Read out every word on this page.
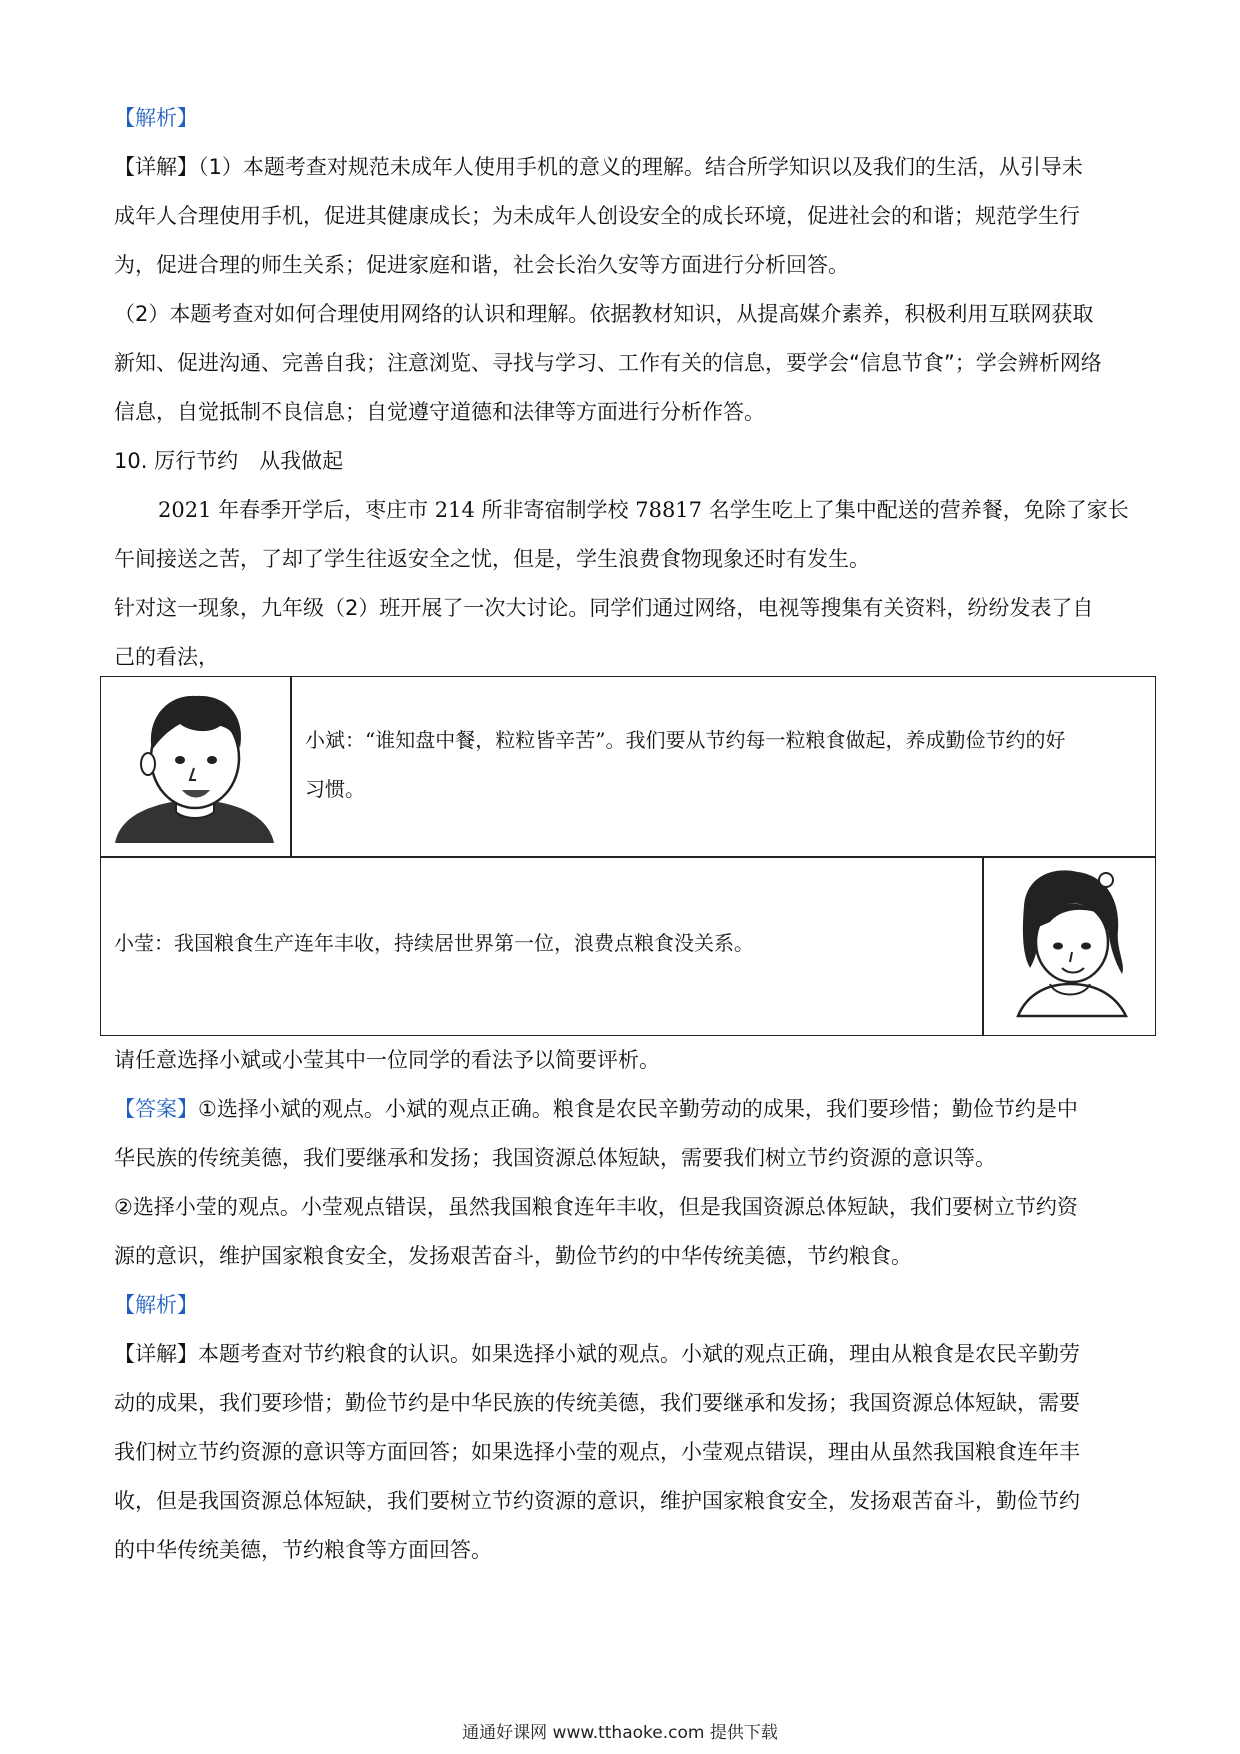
【解析】
【详解】（1）本题考查对规范未成年人使用手机的意义的理解。结合所学知识以及我们的生活，从引导未
成年人合理使用手机，促进其健康成长；为未成年人创设安全的成长环境，促进社会的和谐；规范学生行
为，促进合理的师生关系；促进家庭和谐，社会长治久安等方面进行分析回答。
（2）本题考查对如何合理使用网络的认识和理解。依据教材知识，从提高媒介素养，积极利用互联网获取
新知、促进沟通、完善自我；注意浏览、寻找与学习、工作有关的信息，要学会“信息节食”；学会辨析网络
信息，自觉抵制不良信息；自觉遵守道德和法律等方面进行分析作答。
10. 厉行节约　从我做起
2021 年春季开学后，枣庄市 214 所非寄宿制学校 78817 名学生吃上了集中配送的营养餐，免除了家长
午间接送之苦，了却了学生往返安全之忧，但是，学生浪费食物现象还时有发生。
针对这一现象，九年级（2）班开展了一次大讨论。同学们通过网络，电视等搜集有关资料，纷纷发表了自
己的看法，
小斌：“谁知盘中餐，粒粒皆辛苦”。我们要从节约每一粒粮食做起，养成勤俭节约的好
习惯。
小莹：我国粮食生产连年丰收，持续居世界第一位，浪费点粮食没关系。
请任意选择小斌或小莹其中一位同学的看法予以简要评析。
【答案】①选择小斌的观点。小斌的观点正确。粮食是农民辛勤劳动的成果，我们要珍惜；勤俭节约是中
华民族的传统美德，我们要继承和发扬；我国资源总体短缺，需要我们树立节约资源的意识等。
②选择小莹的观点。小莹观点错误，虽然我国粮食连年丰收，但是我国资源总体短缺，我们要树立节约资
源的意识，维护国家粮食安全，发扬艰苦奋斗，勤俭节约的中华传统美德，节约粮食。
【解析】
【详解】本题考查对节约粮食的认识。如果选择小斌的观点。小斌的观点正确，理由从粮食是农民辛勤劳
动的成果，我们要珍惜；勤俭节约是中华民族的传统美德，我们要继承和发扬；我国资源总体短缺，需要
我们树立节约资源的意识等方面回答；如果选择小莹的观点，小莹观点错误，理由从虽然我国粮食连年丰
收，但是我国资源总体短缺，我们要树立节约资源的意识，维护国家粮食安全，发扬艰苦奋斗，勤俭节约
的中华传统美德，节约粮食等方面回答。
通通好课网 www.tthaoke.com 提供下载
